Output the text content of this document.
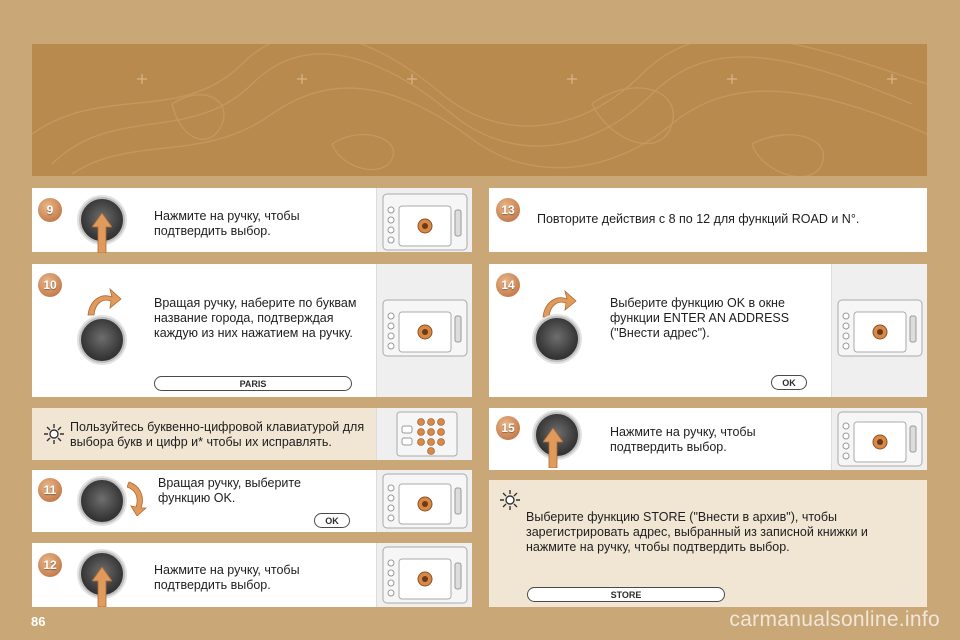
Нажмите на ручку, чтобы
подтвердить выбор.
9
Вращая ручку, наберите по буквам
название города, подтверждая
каждую из них нажатием на ручку.
PARIS
10
Пользуйтесь буквенно-цифровой клавиатурой для
выбора букв и цифр и* чтобы их исправлять.
Вращая ручку, выберите
функцию OK.
OK
11
Нажмите на ручку, чтобы
подтвердить выбор.
12
Повторите действия с 8 по 12 для функций ROAD и N°.
13
Выберите функцию OK в окне
функции ENTER AN ADDRESS
("Внести адрес").
OK
14
Нажмите на ручку, чтобы
подтвердить выбор.
15
Выберите функцию STORE ("Внести в архив"), чтобы
зарегистрировать адрес, выбранный из записной книжки и
нажмите на ручку, чтобы подтвердить выбор.
STORE
86	carmanualsonline.info
